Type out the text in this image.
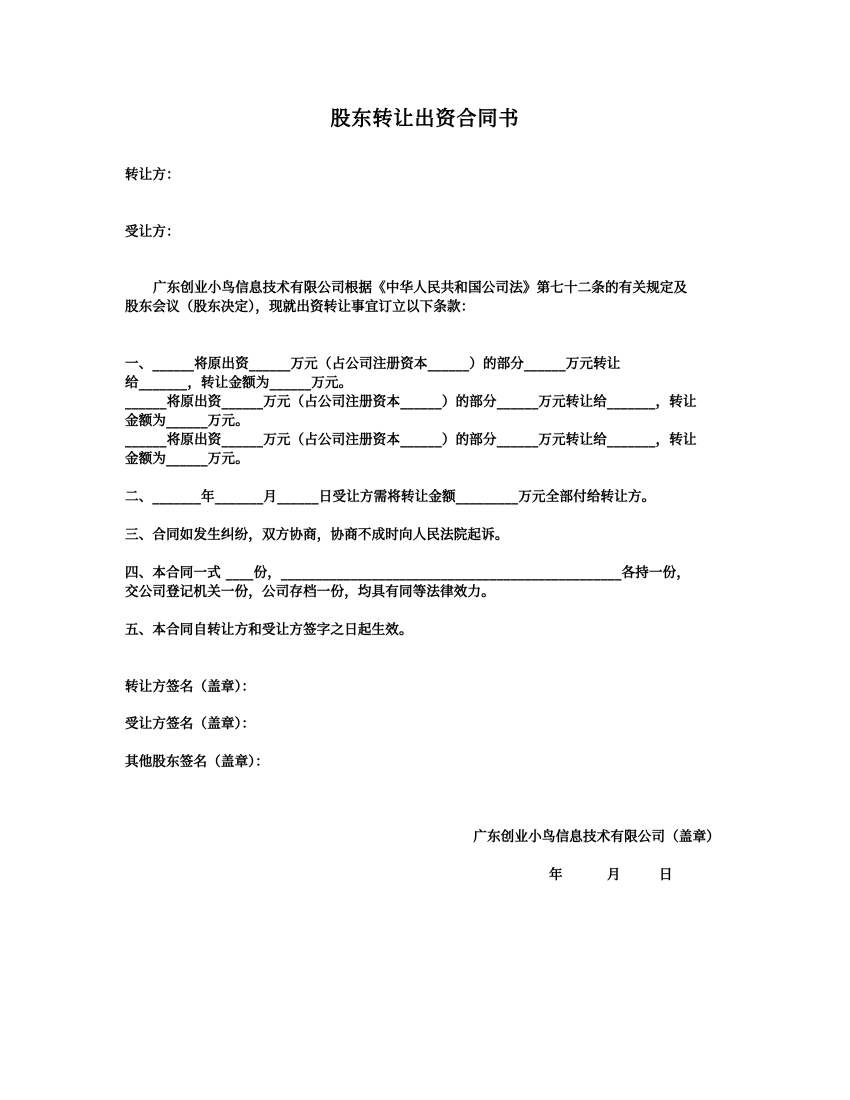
股东转让出资合同书
转让方：
受让方：
广东创业小鸟信息技术有限公司根据《中华人民共和国公司法》第七十二条的有关规定及
股东会议（股东决定），现就出资转让事宜订立以下条款：
一、______将原出资______万元（占公司注册资本______）的部分______万元转让
给_______，转让金额为______万元。
______将原出资______万元（占公司注册资本______）的部分______万元转让给_______，转让
金额为______万元。
______将原出资______万元（占公司注册资本______）的部分______万元转让给_______，转让
金额为______万元。
二、_______年_______月______日受让方需将转让金额_________万元全部付给转让方。
三、合同如发生纠纷，双方协商，协商不成时向人民法院起诉。
四、本合同一式 ____份，_________________________________________________各持一份，
交公司登记机关一份，公司存档一份，均具有同等法律效力。
五、本合同自转让方和受让方签字之日起生效。
转让方签名（盖章）：
受让方签名（盖章）：
其他股东签名（盖章）：
广东创业小鸟信息技术有限公司（盖章）
年	月	日
